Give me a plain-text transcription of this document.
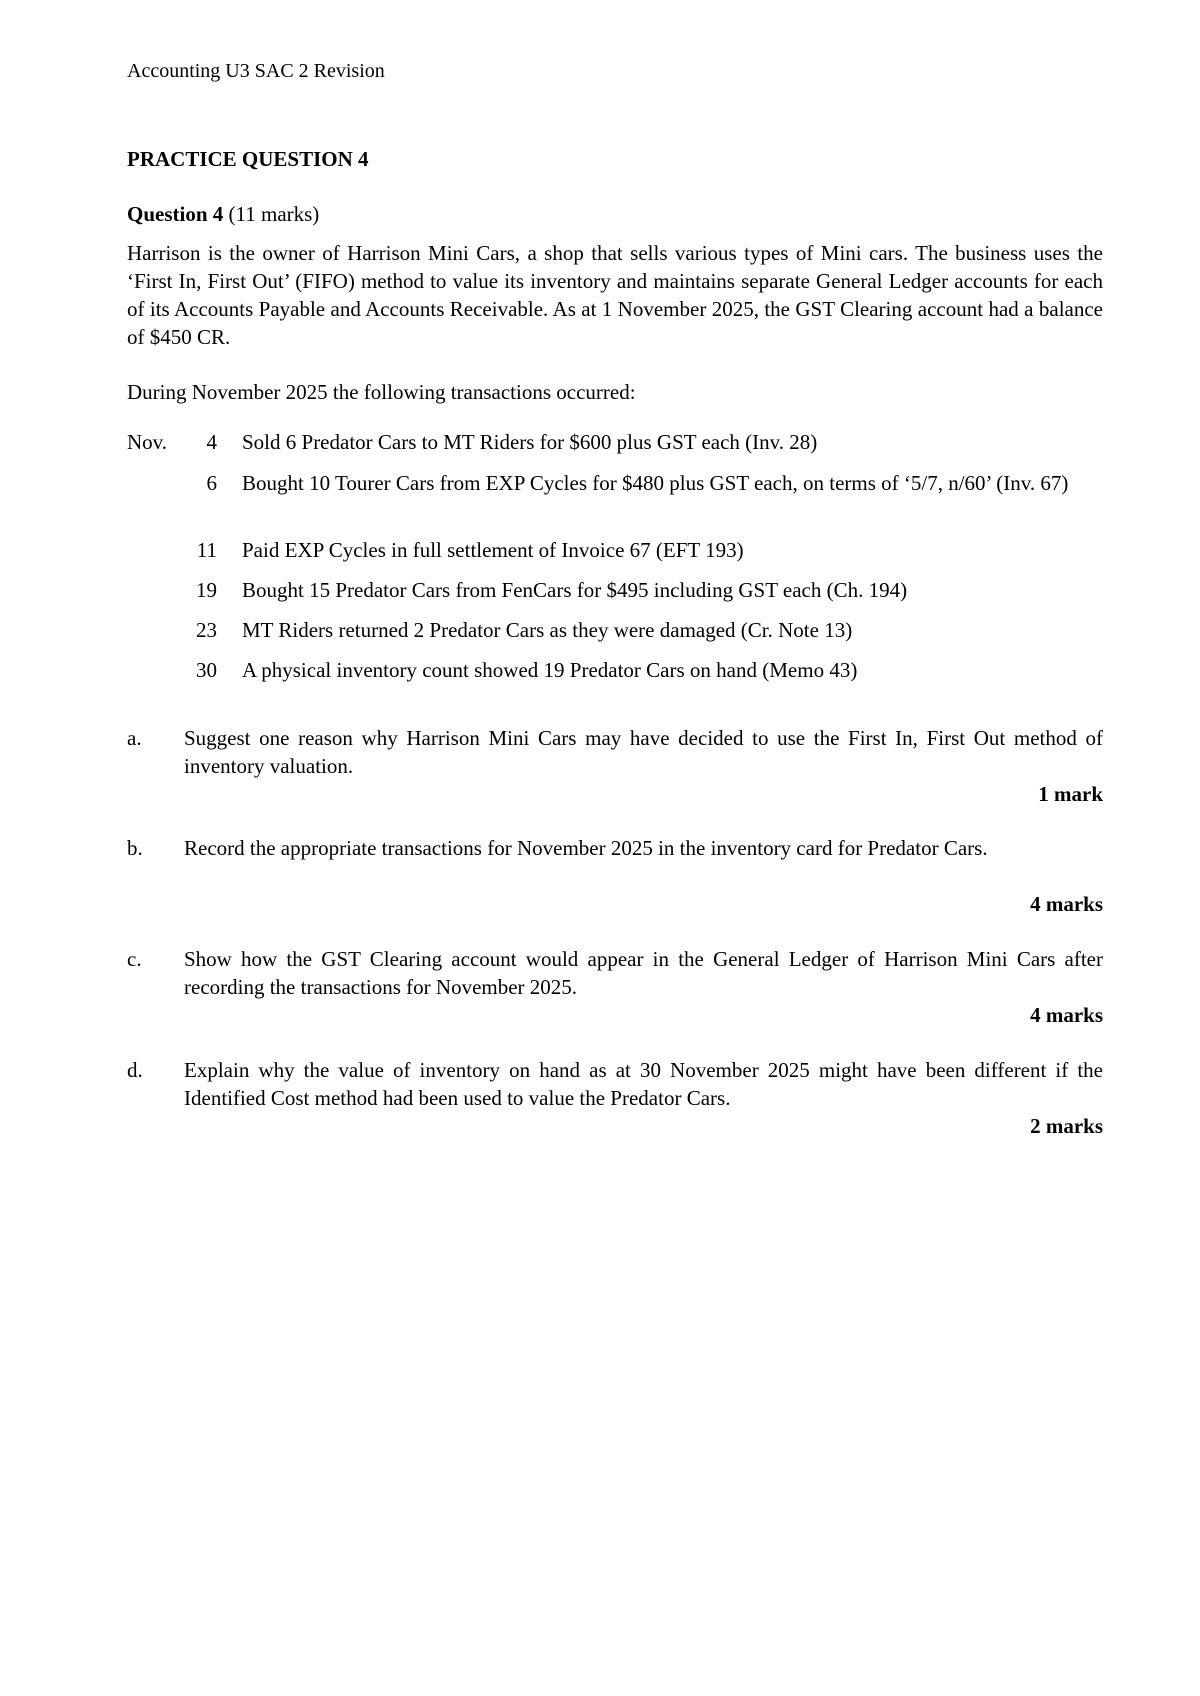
Accounting U3 SAC 2 Revision
PRACTICE QUESTION 4
Question 4 (11 marks)

Harrison is the owner of Harrison Mini Cars, a shop that sells various types of Mini cars. The business uses the ‘First In, First Out’ (FIFO) method to value its inventory and maintains separate General Ledger accounts for each of its Accounts Payable and Accounts Receivable. As at 1 November 2025, the GST Clearing account had a balance of $450 CR.

During November 2025 the following transactions occurred:

Nov.	4 Sold 6 Predator Cars to MT Riders for $600 plus GST each (Inv. 28)
6 Bought 10 Tourer Cars from EXP Cycles for $480 plus GST each, on terms of ‘5/7, n/60’ (Inv. 67)
11 Paid EXP Cycles in full settlement of Invoice 67 (EFT 193)
19 Bought 15 Predator Cars from FenCars for $495 including GST each (Ch. 194)
23 MT Riders returned 2 Predator Cars as they were damaged (Cr. Note 13)
30 A physical inventory count showed 19 Predator Cars on hand (Memo 43)
a.	Suggest one reason why Harrison Mini Cars may have decided to use the First In, First Out method of inventory valuation.
1 mark
b.	Record the appropriate transactions for November 2025 in the inventory card for Predator Cars.
4 marks
c.	Show how the GST Clearing account would appear in the General Ledger of Harrison Mini Cars after recording the transactions for November 2025.
4 marks
d.	Explain why the value of inventory on hand as at 30 November 2025 might have been different if the Identified Cost method had been used to value the Predator Cars.
2 marks
